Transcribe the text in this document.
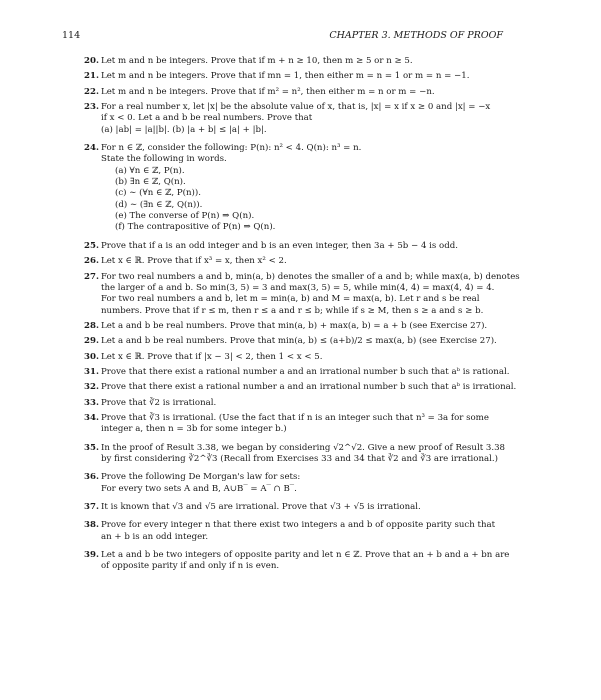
114	CHAPTER 3. METHODS OF PROOF
20. Let m and n be integers. Prove that if m + n ≥ 10, then m ≥ 5 or n ≥ 5.
21. Let m and n be integers. Prove that if mn = 1, then either m = n = 1 or m = n = −1.
22. Let m and n be integers. Prove that if m² = n², then either m = n or m = −n.
23. For a real number x, let |x| be the absolute value of x, that is, |x| = x if x ≥ 0 and |x| = −x
if x < 0. Let a and b be real numbers. Prove that
(a) |ab| = |a||b|. (b) |a + b| ≤ |a| + |b|.
24. For n ∈ ℤ, consider the following: P(n): n² < 4. Q(n): n³ = n.
State the following in words.
(a) ∀n ∈ ℤ, P(n).
(b) ∃n ∈ ℤ, Q(n).
(c) ∼ (∀n ∈ ℤ, P(n)).
(d) ∼ (∃n ∈ ℤ, Q(n)).
(e) The converse of P(n) ⇒ Q(n).
(f) The contrapositive of P(n) ⇒ Q(n).
25. Prove that if a is an odd integer and b is an even integer, then 3a + 5b − 4 is odd.
26. Let x ∈ ℝ. Prove that if x³ = x, then x² < 2.
27. For two real numbers a and b, min(a, b) denotes the smaller of a and b; while max(a, b) denotes
the larger of a and b. So min(3, 5) = 3 and max(3, 5) = 5, while min(4, 4) = max(4, 4) = 4.
For two real numbers a and b, let m = min(a, b) and M = max(a, b). Let r and s be real
numbers. Prove that if r ≤ m, then r ≤ a and r ≤ b; while if s ≥ M, then s ≥ a and s ≥ b.
28. Let a and b be real numbers. Prove that min(a, b) + max(a, b) = a + b (see Exercise 27).
29. Let a and b be real numbers. Prove that min(a, b) ≤ (a+b)/2 ≤ max(a, b) (see Exercise 27).
30. Let x ∈ ℝ. Prove that if |x − 3| < 2, then 1 < x < 5.
31. Prove that there exist a rational number a and an irrational number b such that aᵇ is rational.
32. Prove that there exist a rational number a and an irrational number b such that aᵇ is irrational.
33. Prove that ∛2 is irrational.
34. Prove that ∛3 is irrational. (Use the fact that if n is an integer such that n³ = 3a for some
integer a, then n = 3b for some integer b.)
35. In the proof of Result 3.38, we began by considering √2^√2. Give a new proof of Result 3.38
by first considering ∛2^∛3 (Recall from Exercises 33 and 34 that ∛2 and ∛3 are irrational.)
36. Prove the following De Morgan's law for sets:
For every two sets A and B, A∪B‾ = A‾ ∩ B‾.
37. It is known that √3 and √5 are irrational. Prove that √3 + √5 is irrational.
38. Prove for every integer n that there exist two integers a and b of opposite parity such that
an + b is an odd integer.
39. Let a and b be two integers of opposite parity and let n ∈ ℤ. Prove that an + b and a + bn are
of opposite parity if and only if n is even.
